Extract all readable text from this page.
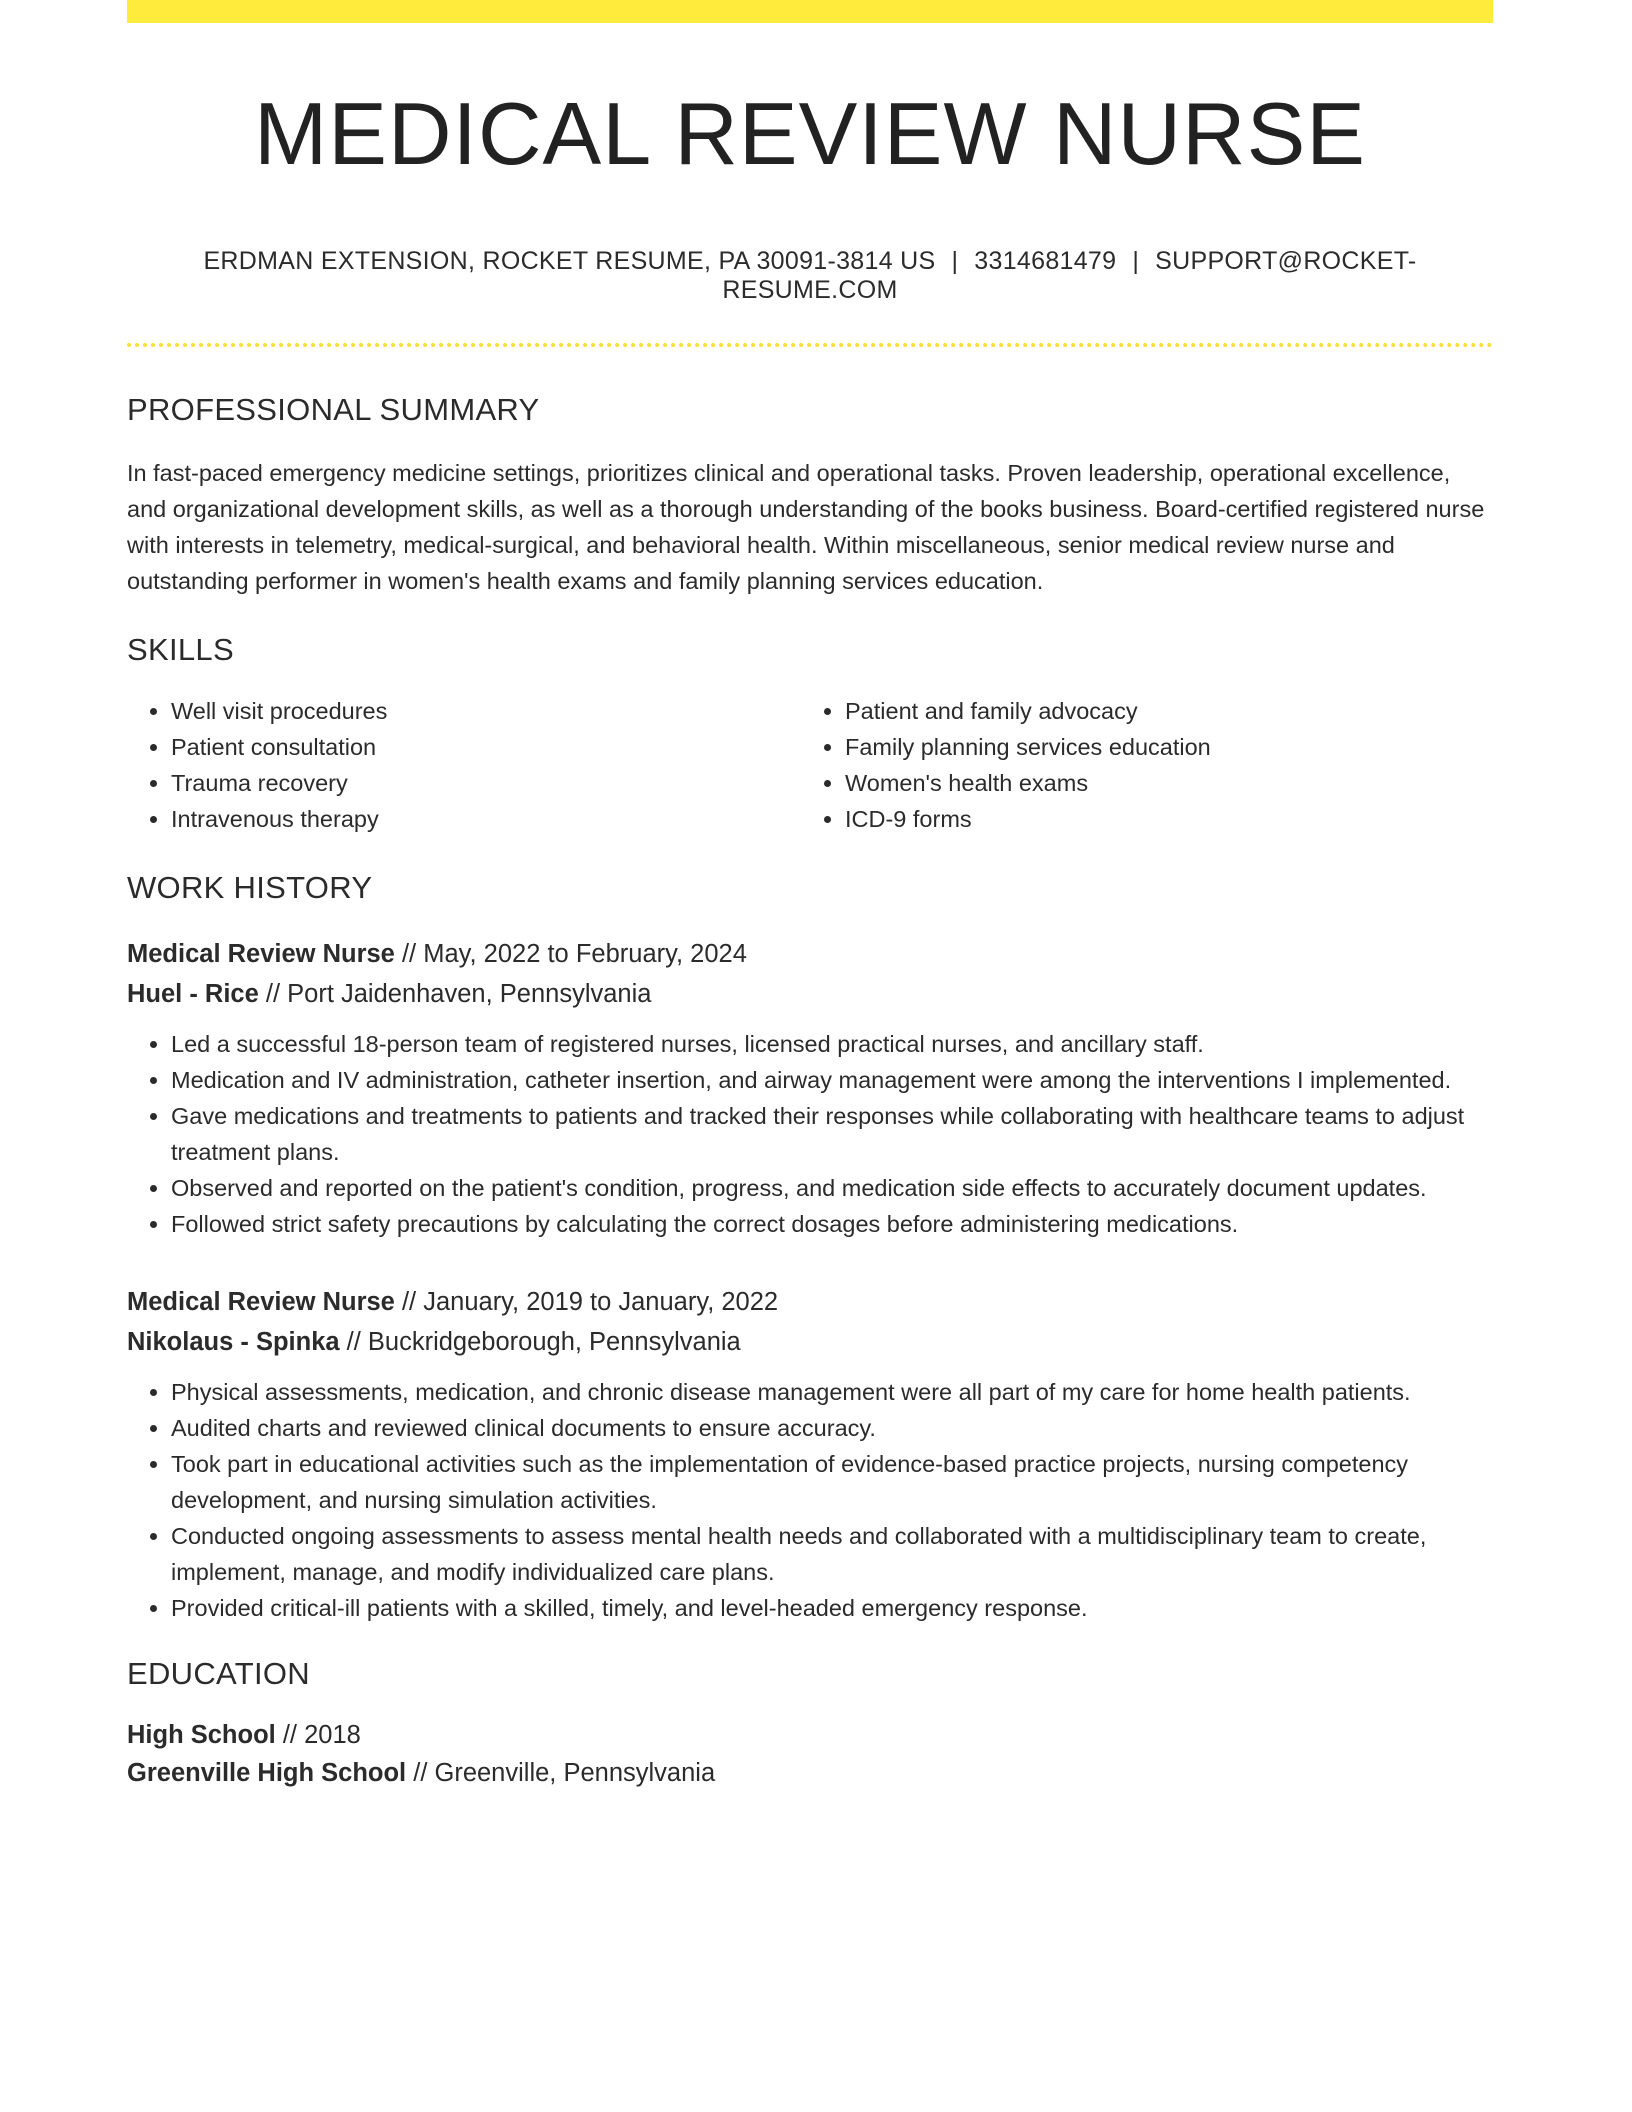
MEDICAL REVIEW NURSE
ERDMAN EXTENSION, ROCKET RESUME, PA 30091-3814 US | 3314681479 | SUPPORT@ROCKET-RESUME.COM
PROFESSIONAL SUMMARY
In fast-paced emergency medicine settings, prioritizes clinical and operational tasks. Proven leadership, operational excellence, and organizational development skills, as well as a thorough understanding of the books business. Board-certified registered nurse with interests in telemetry, medical-surgical, and behavioral health. Within miscellaneous, senior medical review nurse and outstanding performer in women's health exams and family planning services education.
SKILLS
• Well visit procedures
• Patient consultation
• Trauma recovery
• Intravenous therapy
• Patient and family advocacy
• Family planning services education
• Women's health exams
• ICD-9 forms
WORK HISTORY
Medical Review Nurse // May, 2022 to February, 2024
Huel - Rice // Port Jaidenhaven, Pennsylvania
• Led a successful 18-person team of registered nurses, licensed practical nurses, and ancillary staff.
• Medication and IV administration, catheter insertion, and airway management were among the interventions I implemented.
• Gave medications and treatments to patients and tracked their responses while collaborating with healthcare teams to adjust treatment plans.
• Observed and reported on the patient's condition, progress, and medication side effects to accurately document updates.
• Followed strict safety precautions by calculating the correct dosages before administering medications.
Medical Review Nurse // January, 2019 to January, 2022
Nikolaus - Spinka // Buckridgeborough, Pennsylvania
• Physical assessments, medication, and chronic disease management were all part of my care for home health patients.
• Audited charts and reviewed clinical documents to ensure accuracy.
• Took part in educational activities such as the implementation of evidence-based practice projects, nursing competency development, and nursing simulation activities.
• Conducted ongoing assessments to assess mental health needs and collaborated with a multidisciplinary team to create, implement, manage, and modify individualized care plans.
• Provided critical-ill patients with a skilled, timely, and level-headed emergency response.
EDUCATION
High School // 2018
Greenville High School // Greenville, Pennsylvania
